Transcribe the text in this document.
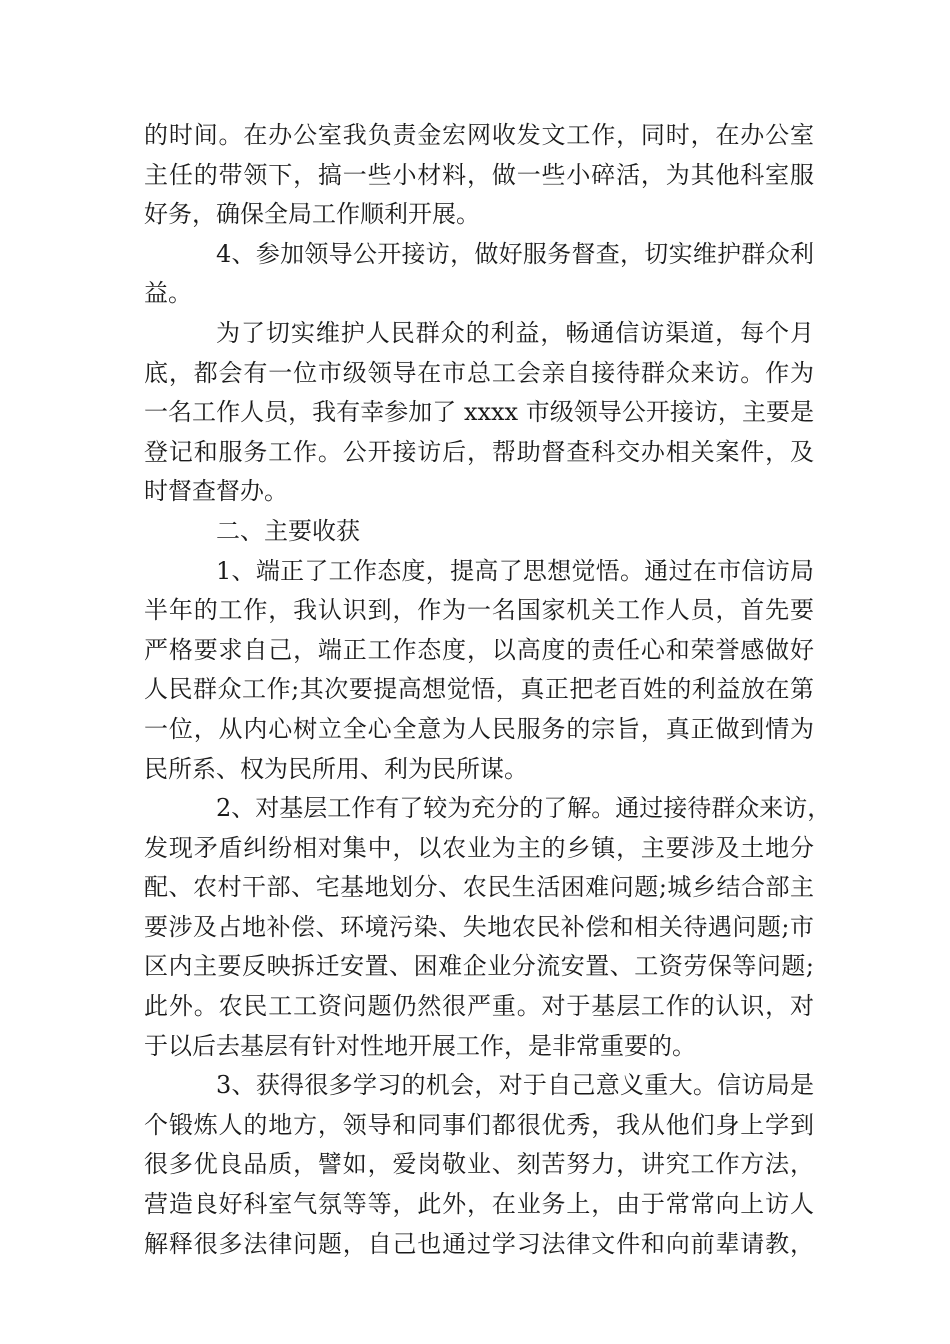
的时间。在办公室我负责金宏网收发文工作，同时，在办公室
主任的带领下，搞一些小材料，做一些小碎活，为其他科室服
好务，确保全局工作顺利开展。
4、参加领导公开接访，做好服务督查，切实维护群众利
益。
为了切实维护人民群众的利益，畅通信访渠道，每个月
底，都会有一位市级领导在市总工会亲自接待群众来访。作为
一名工作人员，我有幸参加了 xxxx 市级领导公开接访，主要是
登记和服务工作。公开接访后，帮助督查科交办相关案件，及
时督查督办。
二、主要收获
1、端正了工作态度，提高了思想觉悟。通过在市信访局
半年的工作，我认识到，作为一名国家机关工作人员，首先要
严格要求自己，端正工作态度，以高度的责任心和荣誉感做好
人民群众工作;其次要提高想觉悟，真正把老百姓的利益放在第
一位，从内心树立全心全意为人民服务的宗旨，真正做到情为
民所系、权为民所用、利为民所谋。
2、对基层工作有了较为充分的了解。通过接待群众来访，
发现矛盾纠纷相对集中，以农业为主的乡镇，主要涉及土地分
配、农村干部、宅基地划分、农民生活困难问题;城乡结合部主
要涉及占地补偿、环境污染、失地农民补偿和相关待遇问题;市
区内主要反映拆迁安置、困难企业分流安置、工资劳保等问题;
此外。农民工工资问题仍然很严重。对于基层工作的认识，对
于以后去基层有针对性地开展工作，是非常重要的。
3、获得很多学习的机会，对于自己意义重大。信访局是
个锻炼人的地方，领导和同事们都很优秀，我从他们身上学到
很多优良品质，譬如，爱岗敬业、刻苦努力，讲究工作方法，
营造良好科室气氛等等，此外，在业务上，由于常常向上访人
解释很多法律问题，自己也通过学习法律文件和向前辈请教，
